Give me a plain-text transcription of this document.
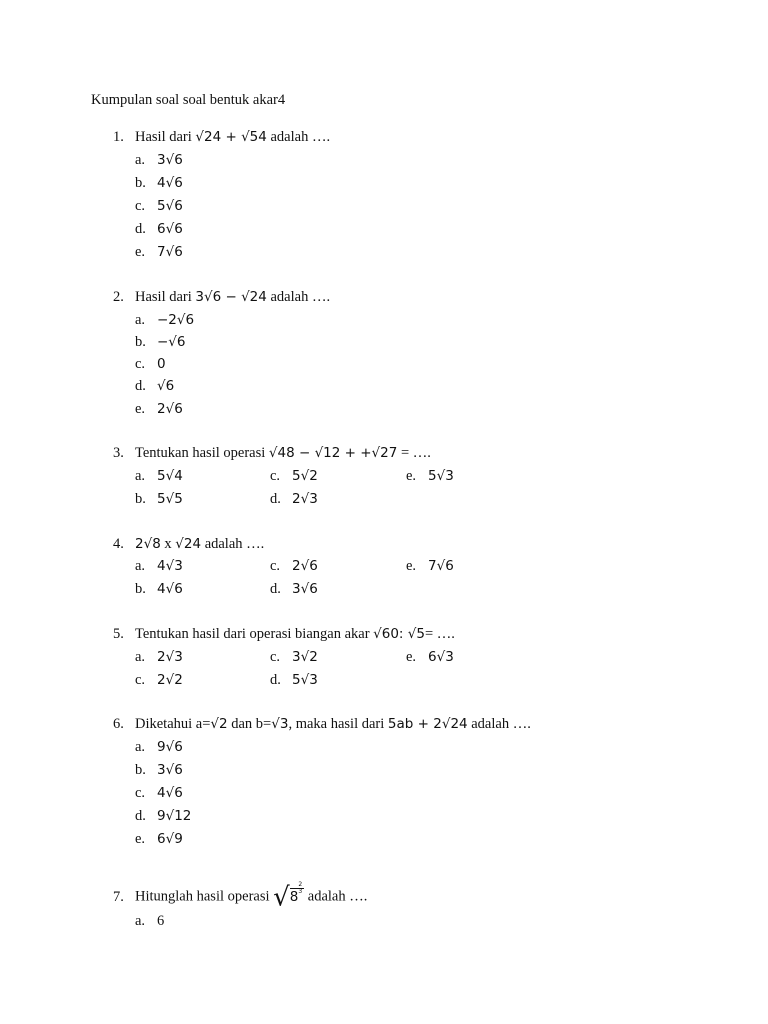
Kumpulan soal soal bentuk akar4
1. Hasil dari √24 + √54 adalah ….
a. 3√6
b. 4√6
c. 5√6
d. 6√6
e. 7√6
2. Hasil dari 3√6 − √24 adalah ….
a. −2√6
b. −√6
c. 0
d. √6
e. 2√6
3. Tentukan hasil operasi √48 − √12 + +√27 = ….
a. 5√4	c. 5√2	e. 5√3
b. 5√5	d. 2√3
4. 2√8 x √24 adalah ….
a. 4√3	c. 2√6	e. 7√6
b. 4√6	d. 3√6
5. Tentukan hasil dari operasi biangan akar √60: √5= ….
a. 2√3	c. 3√2	e. 6√3
c. 2√2	d. 5√3
6. Diketahui a=√2 dan b=√3, maka hasil dari 5ab + 2√24 adalah ….
a. 9√6
b. 3√6
c. 4√6
d. 9√12
e. 6√9
7. Hitunglah hasil operasi √8
$\frac{2}{3}$
adalah ….
a. 6
